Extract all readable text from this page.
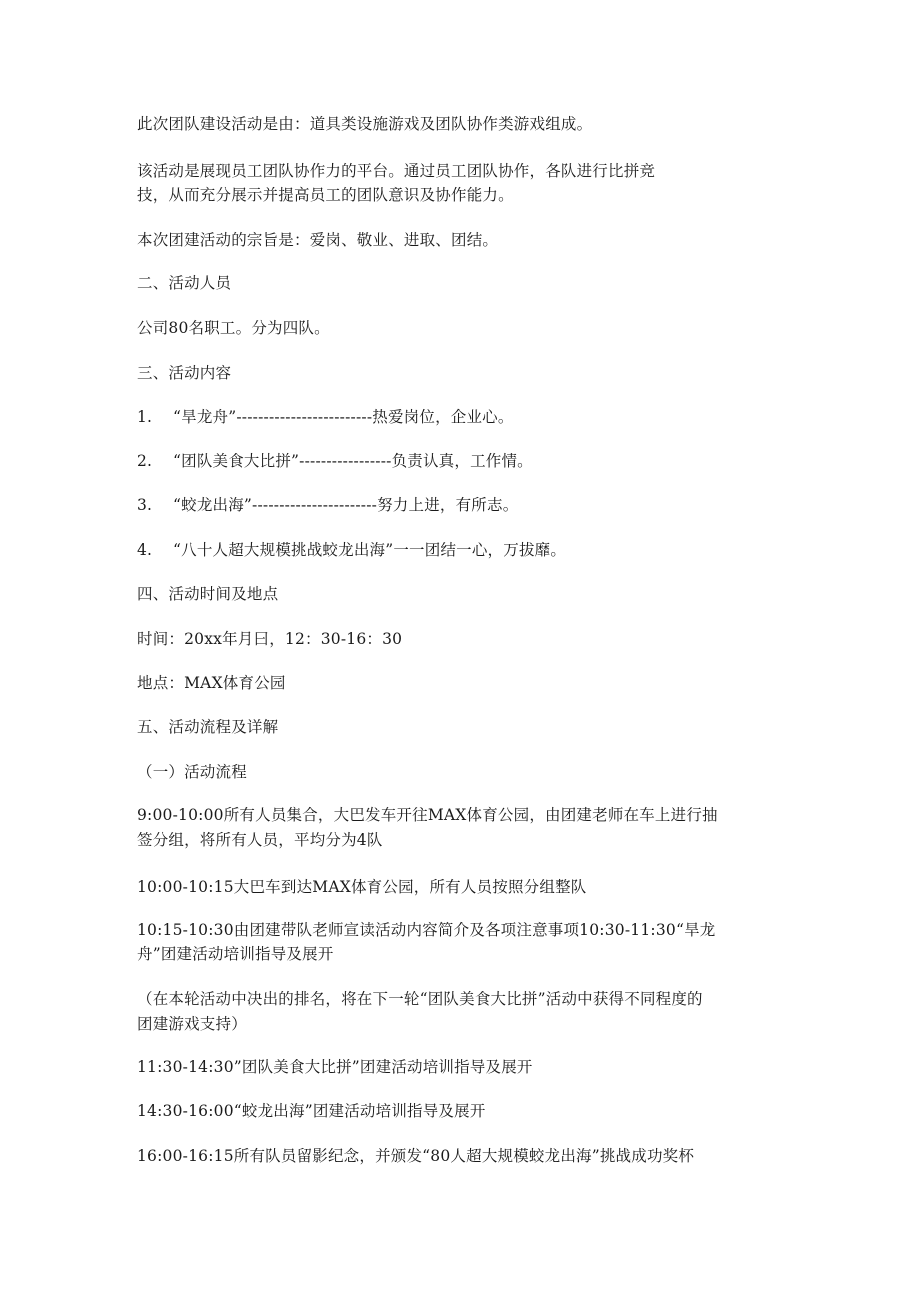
此次团队建设活动是由：道具类设施游戏及团队协作类游戏组成。
该活动是展现员工团队协作力的平台。通过员工团队协作，各队进行比拼竞
技，从而充分展示并提高员工的团队意识及协作能力。
本次团建活动的宗旨是：爱岗、敬业、进取、团结。
二、活动人员
公司80名职工。分为四队。
三、活动内容
1. “旱龙舟”-------------------------热爱岗位，企业心。
2. “团队美食大比拼”-----------------负责认真，工作情。
3. “蛟龙出海”-----------------------努力上进，有所志。
4. “八十人超大规模挑战蛟龙出海”一一团结一心，万拔靡。
四、活动时间及地点
时间：20xx年月曰，12：30-16：30
地点：MAX体育公园
五、活动流程及详解
（一）活动流程
9:00-10:00所有人员集合，大巴发车开往MAX体育公园，由团建老师在车上进行抽
签分组，将所有人员，平均分为4队
10:00-10:15大巴车到达MAX体育公园，所有人员按照分组整队
10:15-10:30由团建带队老师宣读活动内容简介及各项注意事项10:30-11:30“旱龙
舟”团建活动培训指导及展开
（在本轮活动中决出的排名，将在下一轮“团队美食大比拼”活动中获得不同程度的
团建游戏支持）
11:30-14:30”团队美食大比拼”团建活动培训指导及展开
14:30-16:00“蛟龙出海”团建活动培训指导及展开
16:00-16:15所有队员留影纪念，并颁发“80人超大规模蛟龙出海”挑战成功奖杯
